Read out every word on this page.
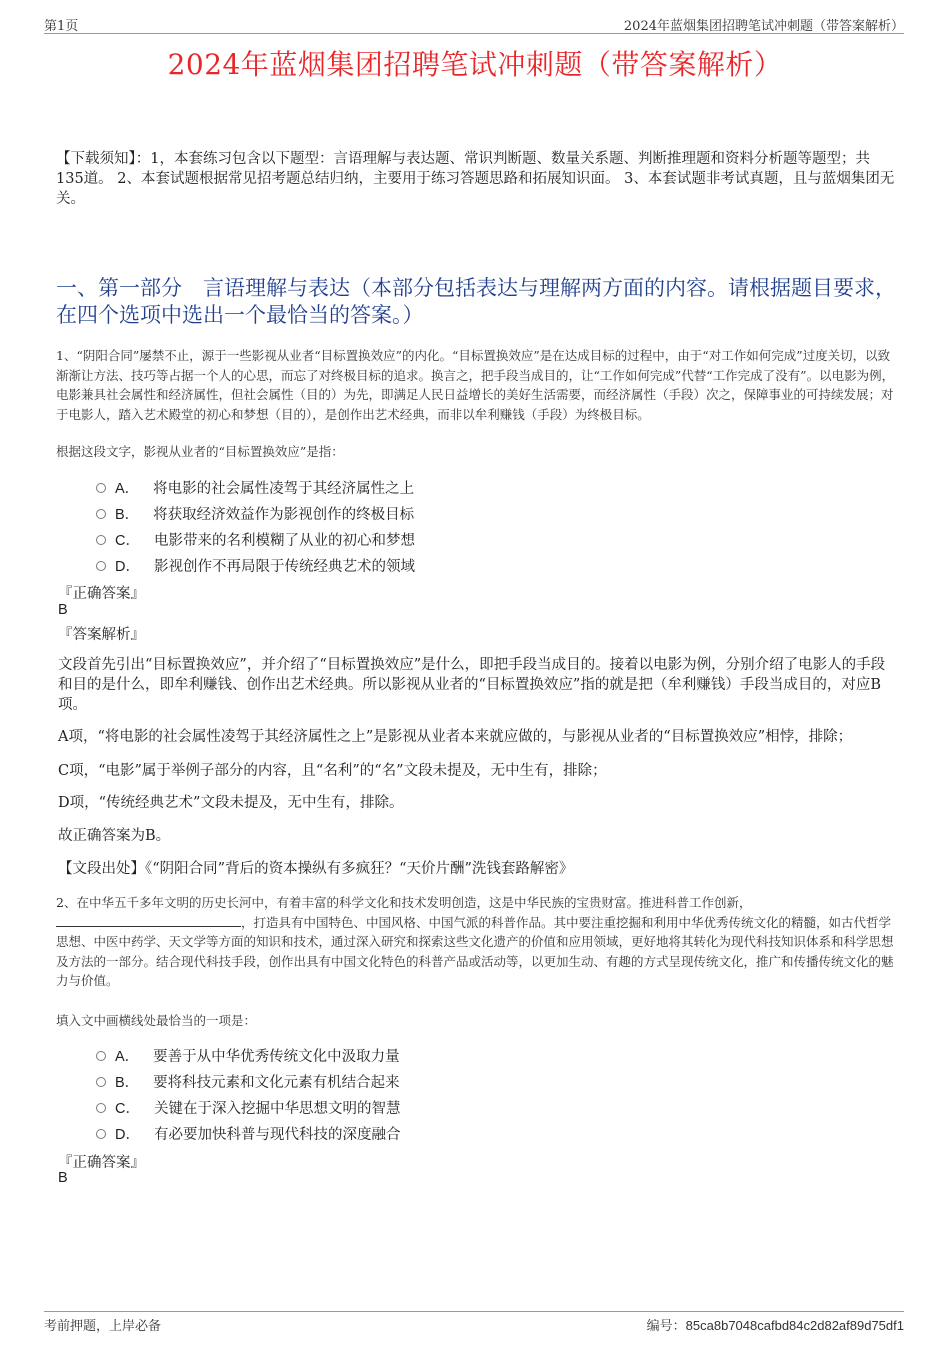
第1页	2024年蓝烟集团招聘笔试冲刺题（带答案解析）
2024年蓝烟集团招聘笔试冲刺题（带答案解析）
【下载须知】：1，本套练习包含以下题型：言语理解与表达题、常识判断题、数量关系题、判断推理题和资料分析题等题型；共135道。 2、本套试题根据常见招考题总结归纳，主要用于练习答题思路和拓展知识面。 3、本套试题非考试真题，且与蓝烟集团无关。
一、第一部分　言语理解与表达（本部分包括表达与理解两方面的内容。请根据题目要求，在四个选项中选出一个最恰当的答案。）
1、“阴阳合同”屡禁不止，源于一些影视从业者“目标置换效应”的内化。“目标置换效应”是在达成目标的过程中，由于“对工作如何完成”过度关切，以致渐渐让方法、技巧等占据一个人的心思，而忘了对终极目标的追求。换言之，把手段当成目的，让“工作如何完成”代替“工作完成了没有”。以电影为例，电影兼具社会属性和经济属性，但社会属性（目的）为先，即满足人民日益增长的美好生活需要，而经济属性（手段）次之，保障事业的可持续发展；对于电影人，踏入艺术殿堂的初心和梦想（目的），是创作出艺术经典，而非以牟利赚钱（手段）为终极目标。
根据这段文字，影视从业者的“目标置换效应”是指：
A． 将电影的社会属性凌驾于其经济属性之上
B． 将获取经济效益作为影视创作的终极目标
C． 电影带来的名利模糊了从业的初心和梦想
D． 影视创作不再局限于传统经典艺术的领域
『正确答案』
B
『答案解析』
文段首先引出“目标置换效应”，并介绍了“目标置换效应”是什么，即把手段当成目的。接着以电影为例，分别介绍了电影人的手段和目的是什么，即牟利赚钱、创作出艺术经典。所以影视从业者的“目标置换效应”指的就是把（牟利赚钱）手段当成目的，对应B项。
A项，“将电影的社会属性凌驾于其经济属性之上”是影视从业者本来就应做的，与影视从业者的“目标置换效应”相悖，排除；
C项，“电影”属于举例子部分的内容，且“名利”的“名”文段未提及，无中生有，排除；
D项，“传统经典艺术”文段未提及，无中生有，排除。
故正确答案为B。
【文段出处】《“阴阳合同”背后的资本操纵有多疯狂？“天价片酬”洗钱套路解密》
2、在中华五千多年文明的历史长河中，有着丰富的科学文化和技术发明创造，这是中华民族的宝贵财富。推进科普工作创新，，打造具有中国特色、中国风格、中国气派的科普作品。其中要注重挖掘和利用中华优秀传统文化的精髓，如古代哲学思想、中医中药学、天文学等方面的知识和技术，通过深入研究和探索这些文化遗产的价值和应用领域，更好地将其转化为现代科技知识体系和科学思想及方法的一部分。结合现代科技手段，创作出具有中国文化特色的科普产品或活动等，以更加生动、有趣的方式呈现传统文化，推广和传播传统文化的魅力与价值。
填入文中画横线处最恰当的一项是：
A． 要善于从中华优秀传统文化中汲取力量
B． 要将科技元素和文化元素有机结合起来
C． 关键在于深入挖掘中华思想文明的智慧
D． 有必要加快科普与现代科技的深度融合
『正确答案』
B
考前押题，上岸必备	编号：85ca8b7048cafbd84c2d82af89d75df1
